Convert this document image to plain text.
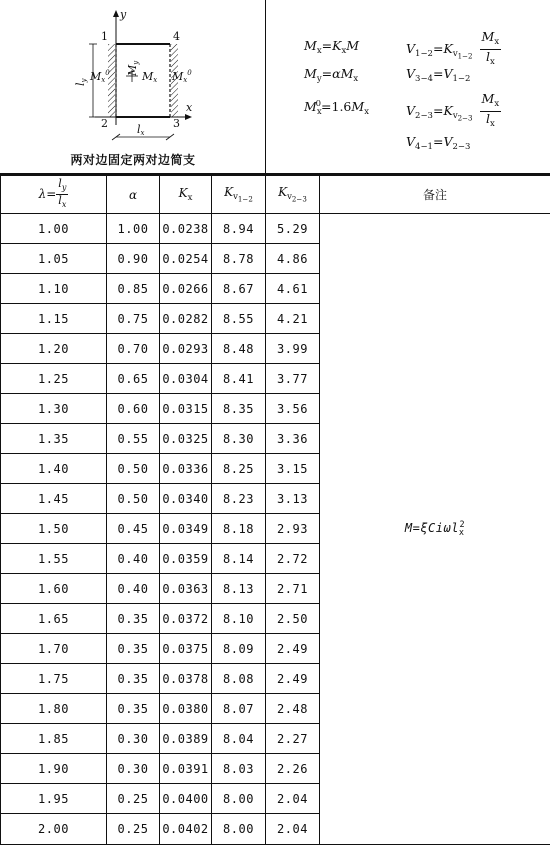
y
x
1
2	3
4
Mx$^0$ My
Mx Mx$^0$
ly
lx
两对边固定两对边简支
$M_x=K_xM$	$V_{1-2}=K_{v_{1-2}} \frac{M_x}{l_x}$
$M_y=\alpha M_x$	$V_{3-4}=V_{1-2}$
$M_x^0=1.6M_x$	$V_{2-3}=K_{v_{2-3}} \frac{M_x}{l_x}$
$V_{4-1}=V_{2-3}$
$\lambda= \frac{l_y}{l_x}$	α	$K_x$	$K_{v_{1-2}}$	$K_{v_{2-3}}$	备注
1.00	1.00	0.0238	8.94	5.29	M=ξCiωl$_x^2$
1.05	0.90	0.0254	8.78	4.86	
1.10	0.85	0.0266	8.67	4.61	
1.15	0.75	0.0282	8.55	4.21	
1.20	0.70	0.0293	8.48	3.99	
1.25	0.65	0.0304	8.41	3.77	
1.30	0.60	0.0315	8.35	3.56	
1.35	0.55	0.0325	8.30	3.36	
1.40	0.50	0.0336	8.25	3.15	
1.45	0.50	0.0340	8.23	3.13	
1.50	0.45	0.0349	8.18	2.93	
1.55	0.40	0.0359	8.14	2.72	
1.60	0.40	0.0363	8.13	2.71	
1.65	0.35	0.0372	8.10	2.50	
1.70	0.35	0.0375	8.09	2.49	
1.75	0.35	0.0378	8.08	2.49	
1.80	0.35	0.0380	8.07	2.48	
1.85	0.30	0.0389	8.04	2.27	
1.90	0.30	0.0391	8.03	2.26	
1.95	0.25	0.0400	8.00	2.04	
2.00	0.25	0.0402	8.00	2.04	
